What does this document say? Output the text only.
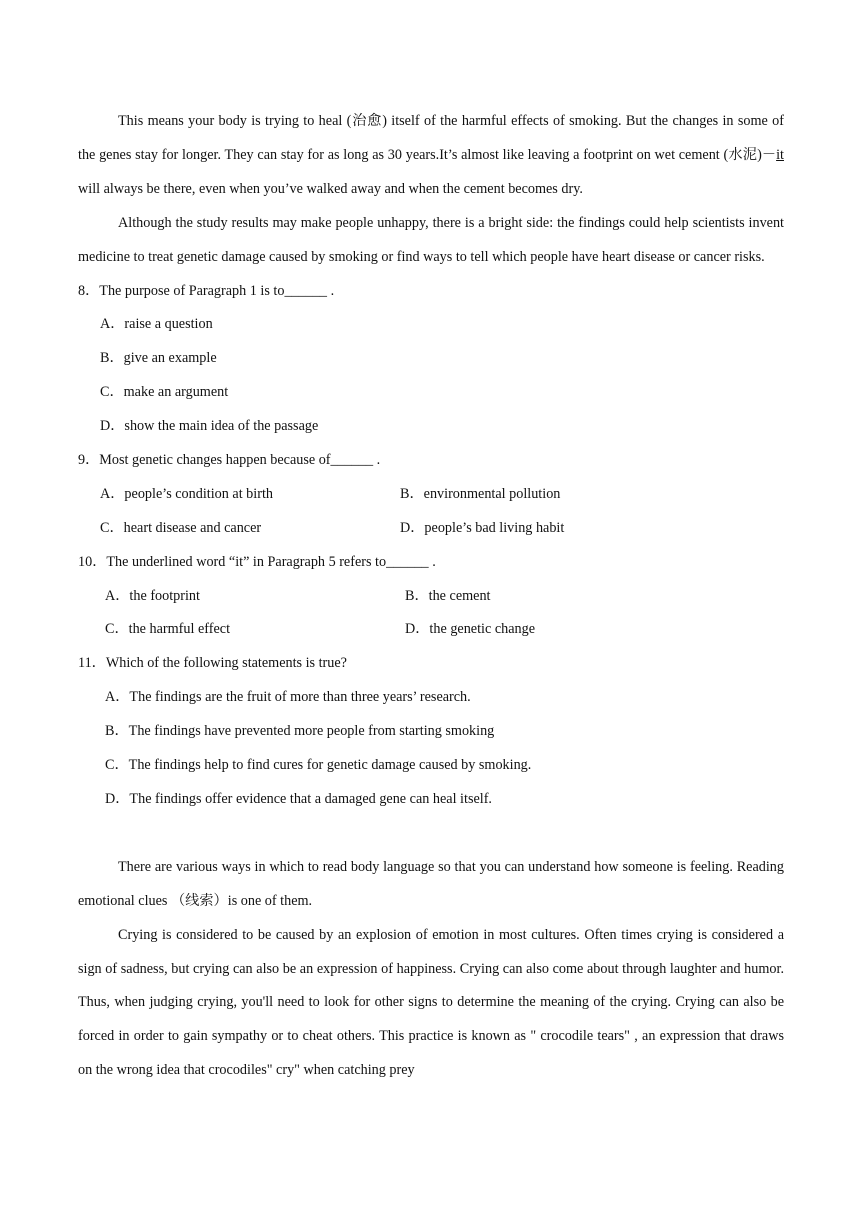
This means your body is trying to heal (治愈) itself of the harmful effects of smoking. But the changes in some of the genes stay for longer. They can stay for as long as 30 years.It’s almost like leaving a footprint on wet cement (水泥)－it will always be there, even when you’ve walked away and when the cement becomes dry.

Although the study results may make people unhappy, there is a bright side: the findings could help scientists invent medicine to treat genetic damage caused by smoking or find ways to tell which people have heart disease or cancer risks.

8．The purpose of Paragraph 1 is to______ .

A．raise a question

B．give an example

C．make an argument

D．show the main idea of the passage

9．Most genetic changes happen because of______ .

A．people’s condition at birth	B．environmental pollution
C．heart disease and cancer	D．people’s bad living habit

10．The underlined word “it” in Paragraph 5 refers to______ .

A．the footprint	B．the cement
C．the harmful effect	D．the genetic change

11．Which of the following statements is true?

A．The findings are the fruit of more than three years’ research.

B．The findings have prevented more people from starting smoking

C．The findings help to find cures for genetic damage caused by smoking.

D．The findings offer evidence that a damaged gene can heal itself.

There are various ways in which to read body language so that you can understand how someone is feeling. Reading emotional clues （线索）is one of them.

Crying is considered to be caused by an explosion of emotion in most cultures. Often times crying is considered a sign of sadness, but crying can also be an expression of happiness. Crying can also come about through laughter and humor. Thus, when judging crying, you'll need to look for other signs to determine the meaning of the crying. Crying can also be forced in order to gain sympathy or to cheat others. This practice is known as " crocodile tears" , an expression that draws on the wrong idea that crocodiles" cry" when catching prey
